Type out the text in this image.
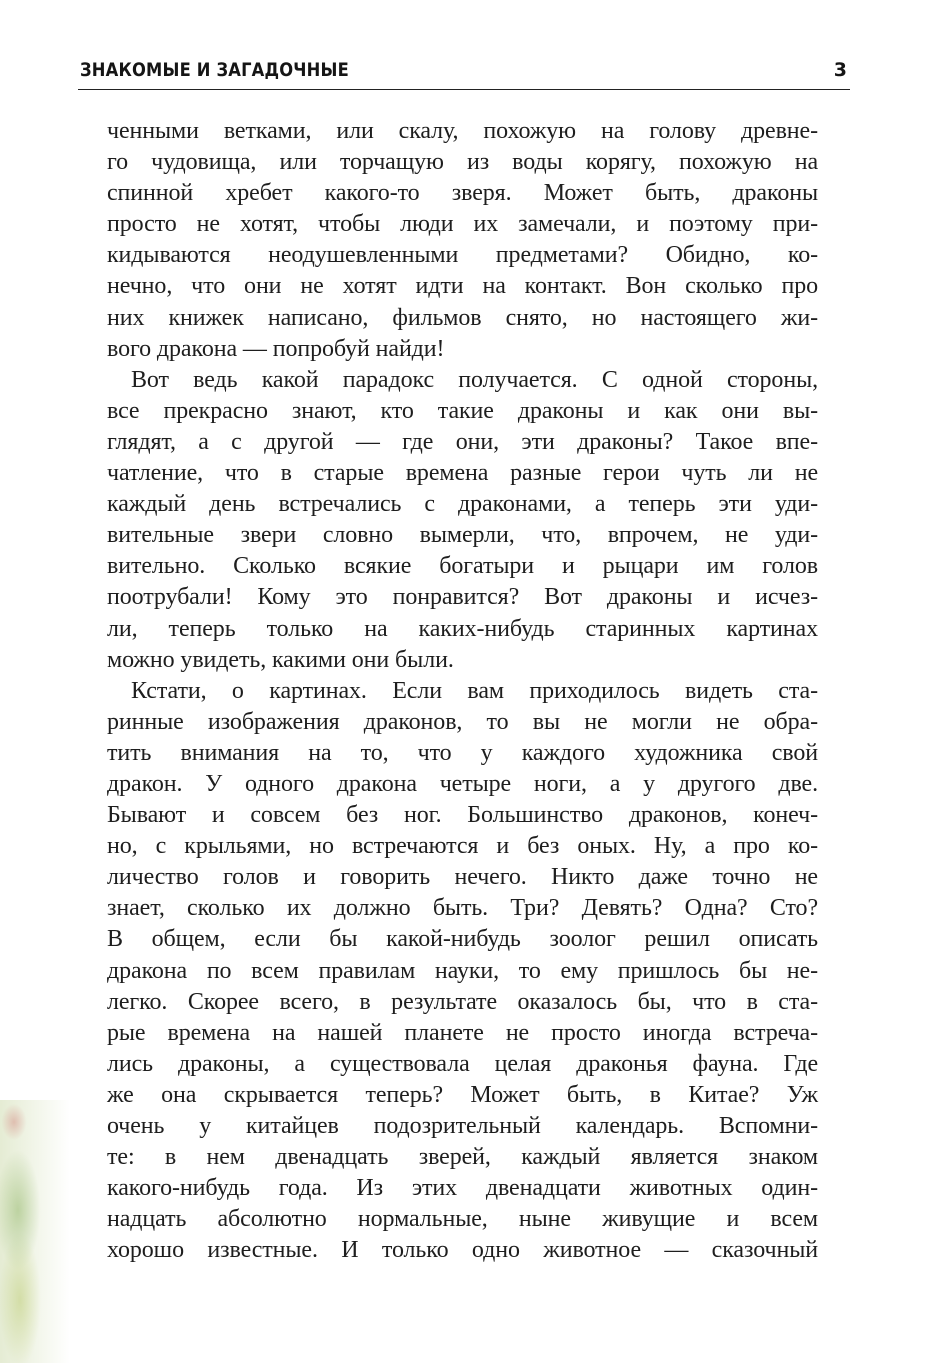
ЗНАКОМЫЕ И ЗАГАДОЧНЫЕ	3
ченными ветками, или скалу, похожую на голову древне-
го чудовища, или торчащую из воды корягу, похожую на
спинной хребет какого-то зверя. Может быть, драконы
просто не хотят, чтобы люди их замечали, и поэтому при-
кидываются неодушевленными предметами? Обидно, ко-
нечно, что они не хотят идти на контакт. Вон сколько про
них книжек написано, фильмов снято, но настоящего жи-
вого дракона — попробуй найди!
Вот ведь какой парадокс получается. С одной стороны,
все прекрасно знают, кто такие драконы и как они вы-
глядят, а с другой — где они, эти драконы? Такое впе-
чатление, что в старые времена разные герои чуть ли не
каждый день встречались с драконами, а теперь эти уди-
вительные звери словно вымерли, что, впрочем, не уди-
вительно. Сколько всякие богатыри и рыцари им голов
поотрубали! Кому это понравится? Вот драконы и исчез-
ли, теперь только на каких-нибудь старинных картинах
можно увидеть, какими они были.
Кстати, о картинах. Если вам приходилось видеть ста-
ринные изображения драконов, то вы не могли не обра-
тить внимания на то, что у каждого художника свой
дракон. У одного дракона четыре ноги, а у другого две.
Бывают и совсем без ног. Большинство драконов, конеч-
но, с крыльями, но встречаются и без оных. Ну, а про ко-
личество голов и говорить нечего. Никто даже точно не
знает, сколько их должно быть. Три? Девять? Одна? Сто?
В общем, если бы какой-нибудь зоолог решил описать
дракона по всем правилам науки, то ему пришлось бы не-
легко. Скорее всего, в результате оказалось бы, что в ста-
рые времена на нашей планете не просто иногда встреча-
лись драконы, а существовала целая драконья фауна. Где
же она скрывается теперь? Может быть, в Китае? Уж
очень у китайцев подозрительный календарь. Вспомни-
те: в нем двенадцать зверей, каждый является знаком
какого-нибудь года. Из этих двенадцати животных один-
надцать абсолютно нормальные, ныне живущие и всем
хорошо известные. И только одно животное — сказочный
